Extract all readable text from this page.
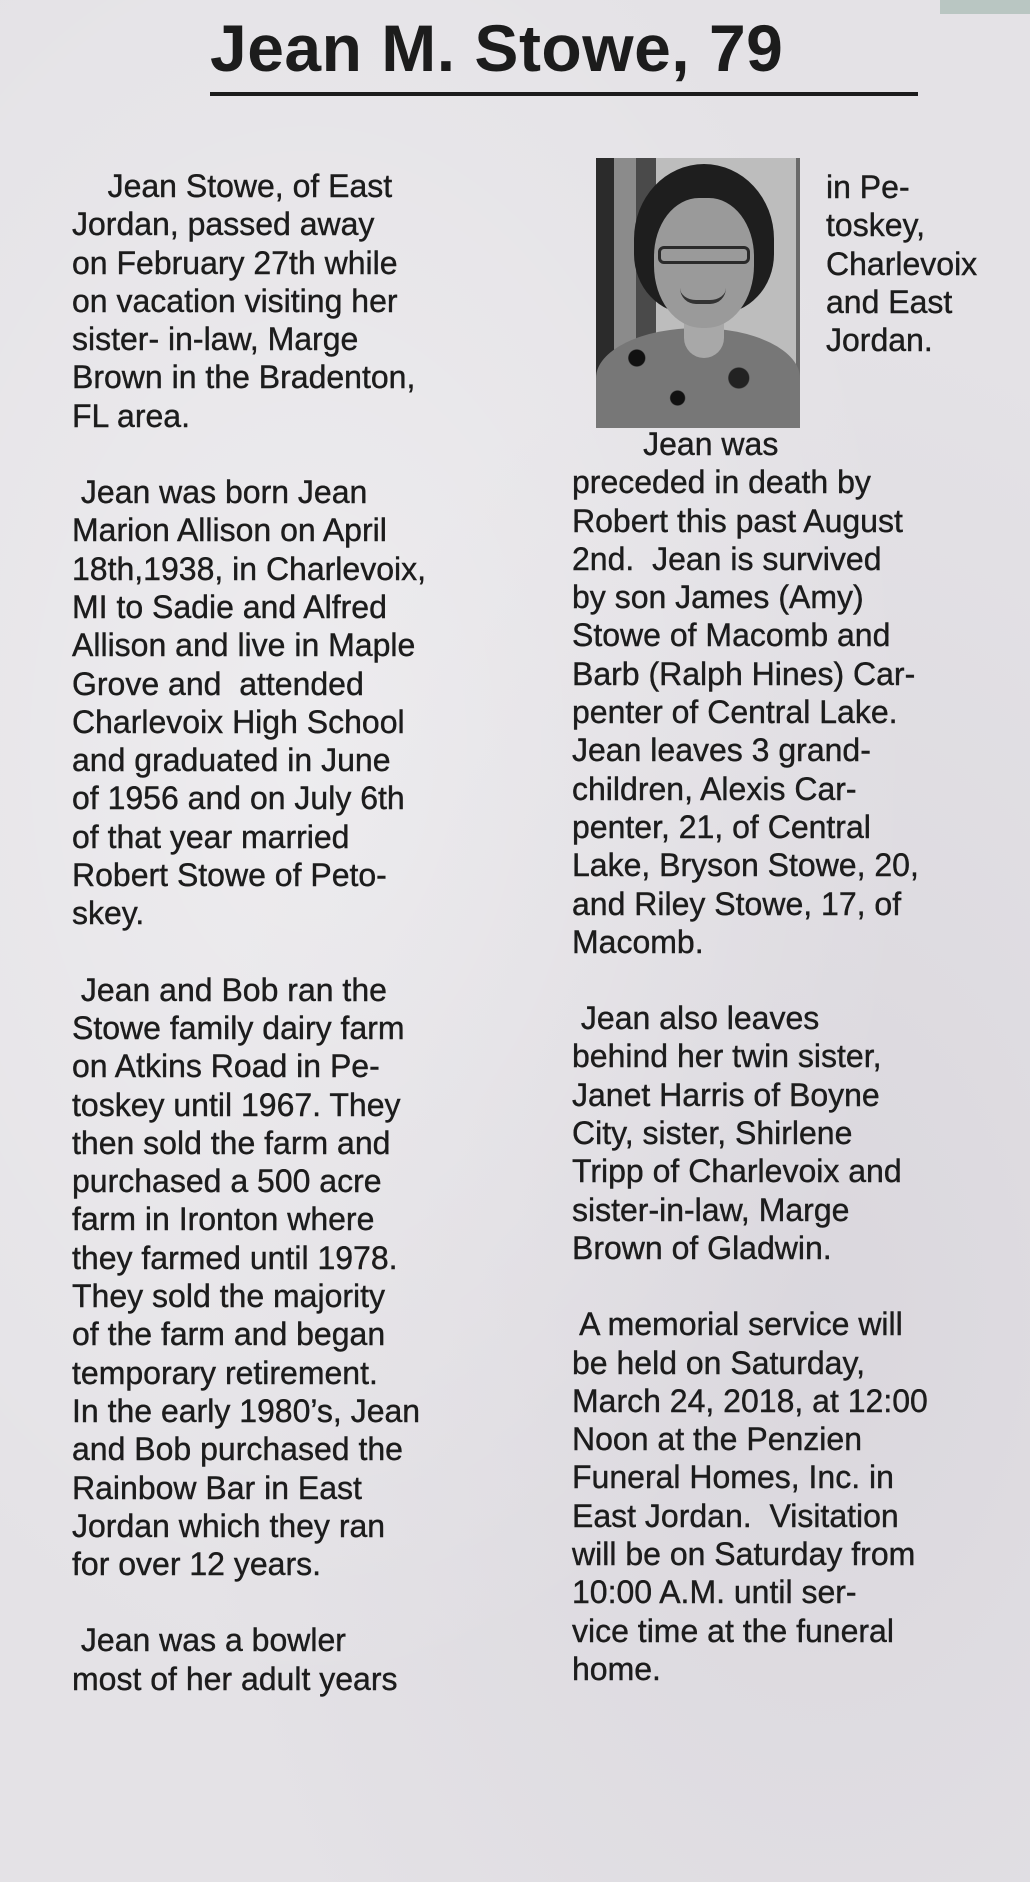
Jean M. Stowe, 79
Jean Stowe, of East
Jordan, passed away
on February 27th while
on vacation visiting her
sister- in-law, Marge
Brown in the Bradenton,
FL area.
Jean was born Jean
Marion Allison on April
18th,1938, in Charlevoix,
MI to Sadie and Alfred
Allison and live in Maple
Grove and  attended
Charlevoix High School
and graduated in June
of 1956 and on July 6th
of that year married
Robert Stowe of Peto-
skey.
Jean and Bob ran the
Stowe family dairy farm
on Atkins Road in Pe-
toskey until 1967. They
then sold the farm and
purchased a 500 acre
farm in Ironton where
they farmed until 1978.
They sold the majority
of the farm and began
temporary retirement.
In the early 1980’s, Jean
and Bob purchased the
Rainbow Bar in East
Jordan which they ran
for over 12 years.
Jean was a bowler
most of her adult years
in Pe-
toskey,
Charlevoix
and East
Jordan.
Jean was
preceded in death by
Robert this past August
2nd.  Jean is survived
by son James (Amy)
Stowe of Macomb and
Barb (Ralph Hines) Car-
penter of Central Lake.
Jean leaves 3 grand-
children, Alexis Car-
penter, 21, of Central
Lake, Bryson Stowe, 20,
and Riley Stowe, 17, of
Macomb.
Jean also leaves
behind her twin sister,
Janet Harris of Boyne
City, sister, Shirlene
Tripp of Charlevoix and
sister-in-law, Marge
Brown of Gladwin.
A memorial service will
be held on Saturday,
March 24, 2018, at 12:00
Noon at the Penzien
Funeral Homes, Inc. in
East Jordan.  Visitation
will be on Saturday from
10:00 A.M. until ser-
vice time at the funeral
home.
